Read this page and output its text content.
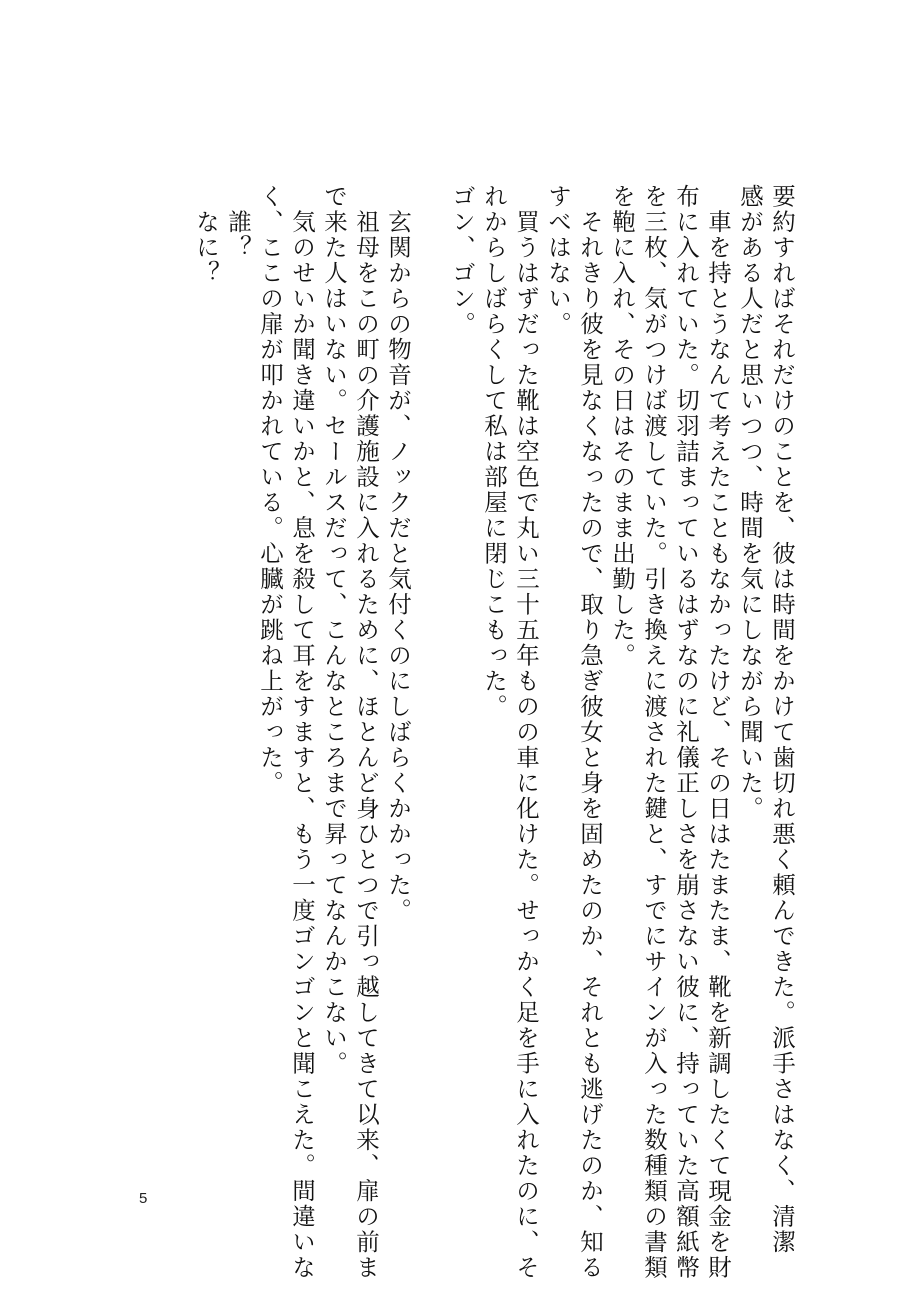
要約すればそれだけのことを、彼は時間をかけて歯切れ悪く頼んできた。派手さはなく、清潔
感がある人だと思いつつ、時間を気にしながら聞いた。
　車を持とうなんて考えたこともなかったけど、その日はたまたま、靴を新調したくて現金を財
布に入れていた。切羽詰まっているはずなのに礼儀正しさを崩さない彼に、持っていた高額紙幣
を三枚、気がつけば渡していた。引き換えに渡された鍵と、すでにサインが入った数種類の書類
を鞄に入れ、その日はそのまま出勤した。
　それきり彼を見なくなったので、取り急ぎ彼女と身を固めたのか、それとも逃げたのか、知る
すべはない。
　買うはずだった靴は空色で丸い三十五年ものの車に化けた。せっかく足を手に入れたのに、そ
れからしばらくして私は部屋に閉じこもった。
ゴン、ゴン。
　玄関からの物音が、ノックだと気付くのにしばらくかかった。
　祖母をこの町の介護施設に入れるために、ほとんど身ひとつで引っ越してきて以来、扉の前ま
で来た人はいない。セールスだって、こんなところまで昇ってなんかこない。
　気のせいか聞き違いかと、息を殺して耳をすますと、もう一度ゴンゴンと聞こえた。間違いな
く、ここの扉が叩かれている。心臓が跳ね上がった。
　誰？
　なに？
5
